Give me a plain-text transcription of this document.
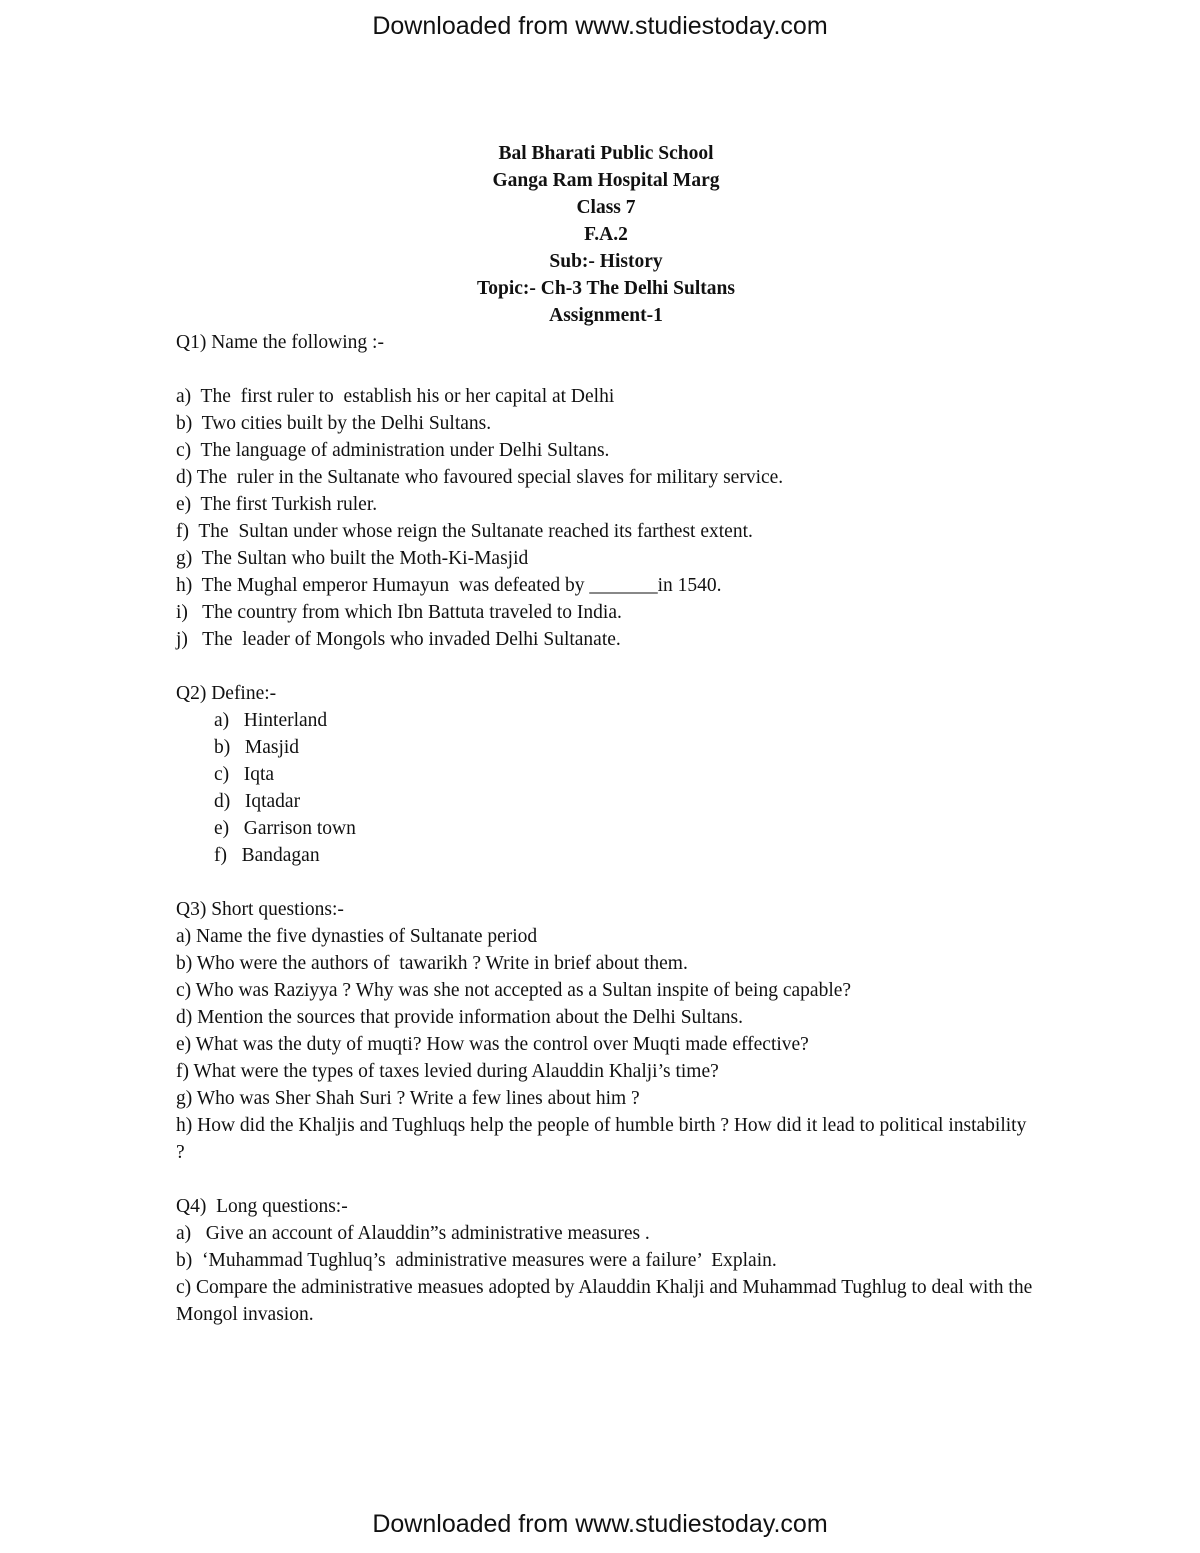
Downloaded from www.studiestoday.com
Bal Bharati Public School
Ganga Ram Hospital Marg
Class 7
F.A.2
Sub:- History
Topic:- Ch-3 The Delhi Sultans
Assignment-1
Q1) Name the following :-
a)  The  first ruler to  establish his or her capital at Delhi
b)  Two cities built by the Delhi Sultans.
c)  The language of administration under Delhi Sultans.
d) The  ruler in the Sultanate who favoured special slaves for military service.
e)  The first Turkish ruler.
f)  The  Sultan under whose reign the Sultanate reached its farthest extent.
g)  The Sultan who built the Moth-Ki-Masjid
h)  The Mughal emperor Humayun  was defeated by _______in 1540.
i)   The country from which Ibn Battuta traveled to India.
j)   The  leader of Mongols who invaded Delhi Sultanate.
Q2) Define:-
a)   Hinterland
b)   Masjid
c)   Iqta
d)   Iqtadar
e)   Garrison town
f)   Bandagan
Q3) Short questions:-
a) Name the five dynasties of Sultanate period
b) Who were the authors of  tawarikh ? Write in brief about them.
c) Who was Raziyya ? Why was she not accepted as a Sultan inspite of being capable?
d) Mention the sources that provide information about the Delhi Sultans.
e) What was the duty of muqti? How was the control over Muqti made effective?
f) What were the types of taxes levied during Alauddin Khalji’s time?
g) Who was Sher Shah Suri ? Write a few lines about him ?
h) How did the Khaljis and Tughluqs help the people of humble birth ? How did it lead to political instability ?
Q4)  Long questions:-
a)   Give an account of Alauddin”s administrative measures .
b)  ‘Muhammad Tughluq’s  administrative measures were a failure’  Explain.
c) Compare the administrative measues adopted by Alauddin Khalji and Muhammad Tughlug to deal with the Mongol invasion.
Downloaded from www.studiestoday.com
